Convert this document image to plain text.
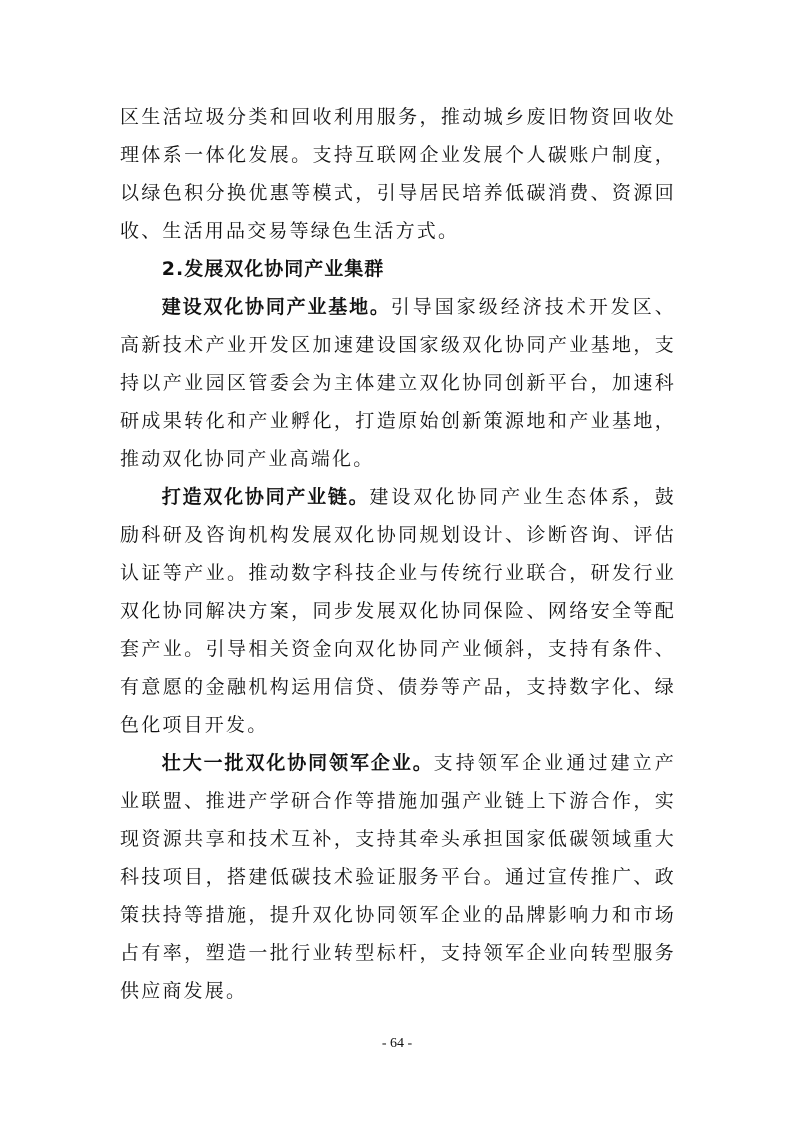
区生活垃圾分类和回收利用服务，推动城乡废旧物资回收处理体系一体化发展。支持互联网企业发展个人碳账户制度，以绿色积分换优惠等模式，引导居民培养低碳消费、资源回收、生活用品交易等绿色生活方式。

2.发展双化协同产业集群

建设双化协同产业基地。引导国家级经济技术开发区、高新技术产业开发区加速建设国家级双化协同产业基地，支持以产业园区管委会为主体建立双化协同创新平台，加速科研成果转化和产业孵化，打造原始创新策源地和产业基地，推动双化协同产业高端化。

打造双化协同产业链。建设双化协同产业生态体系，鼓励科研及咨询机构发展双化协同规划设计、诊断咨询、评估认证等产业。推动数字科技企业与传统行业联合，研发行业双化协同解决方案，同步发展双化协同保险、网络安全等配套产业。引导相关资金向双化协同产业倾斜，支持有条件、有意愿的金融机构运用信贷、债券等产品，支持数字化、绿色化项目开发。

壮大一批双化协同领军企业。支持领军企业通过建立产业联盟、推进产学研合作等措施加强产业链上下游合作，实现资源共享和技术互补，支持其牵头承担国家低碳领域重大科技项目，搭建低碳技术验证服务平台。通过宣传推广、政策扶持等措施，提升双化协同领军企业的品牌影响力和市场占有率，塑造一批行业转型标杆，支持领军企业向转型服务供应商发展。

- 64 -
